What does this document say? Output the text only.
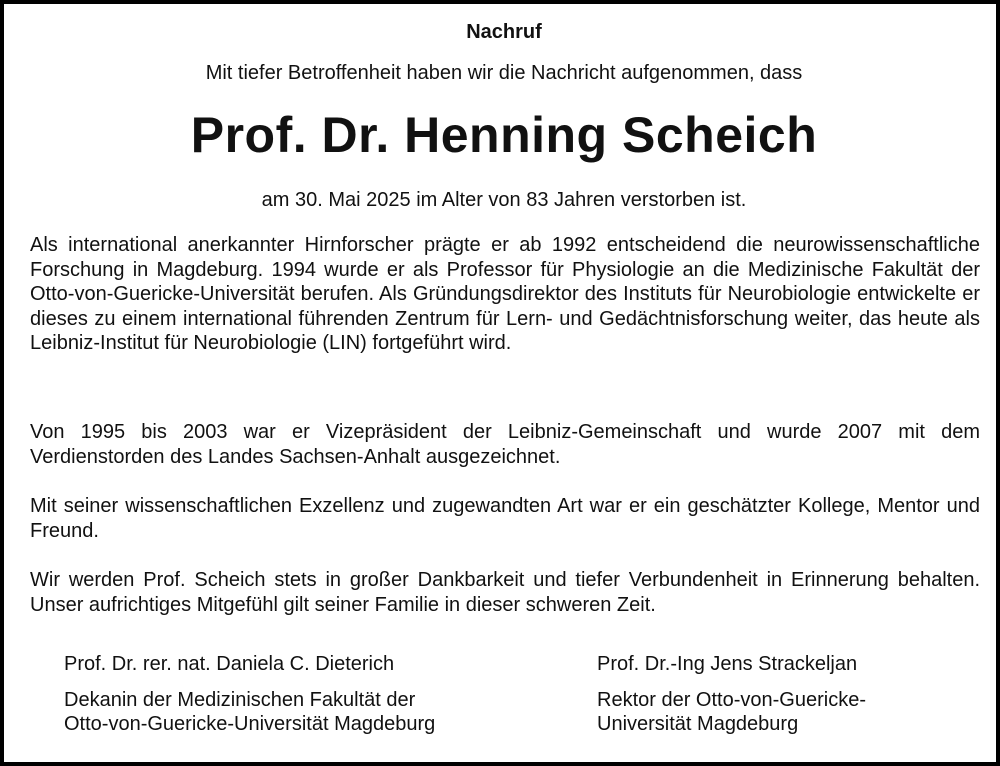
Nachruf
Mit tiefer Betroffenheit haben wir die Nachricht aufgenommen, dass
Prof. Dr. Henning Scheich
am 30. Mai 2025 im Alter von 83 Jahren verstorben ist.
Als international anerkannter Hirnforscher prägte er ab 1992 entscheidend die neurowissenschaftliche Forschung in Magdeburg. 1994 wurde er als Professor für Physiologie an die Medizinische Fakultät der Otto-von-Guericke-Universität berufen. Als Gründungsdirektor des Instituts für Neurobiologie entwickelte er dieses zu einem international führenden Zentrum für Lern- und Gedächtnisforschung weiter, das heute als Leibniz-Institut für Neurobiologie (LIN) fortgeführt wird.
Von 1995 bis 2003 war er Vizepräsident der Leibniz-Gemeinschaft und wurde 2007 mit dem Verdienstorden des Landes Sachsen-Anhalt ausgezeichnet.
Mit seiner wissenschaftlichen Exzellenz und zugewandten Art war er ein geschätzter Kollege, Mentor und Freund.
Wir werden Prof. Scheich stets in großer Dankbarkeit und tiefer Verbundenheit in Erinnerung behalten. Unser aufrichtiges Mitgefühl gilt seiner Familie in dieser schweren Zeit.
Prof. Dr. rer. nat. Daniela C. Dieterich
Dekanin der Medizinischen Fakultät der
Otto-von-Guericke-Universität Magdeburg
Prof. Dr.-Ing Jens Strackeljan
Rektor der Otto-von-Guericke-
Universität Magdeburg
